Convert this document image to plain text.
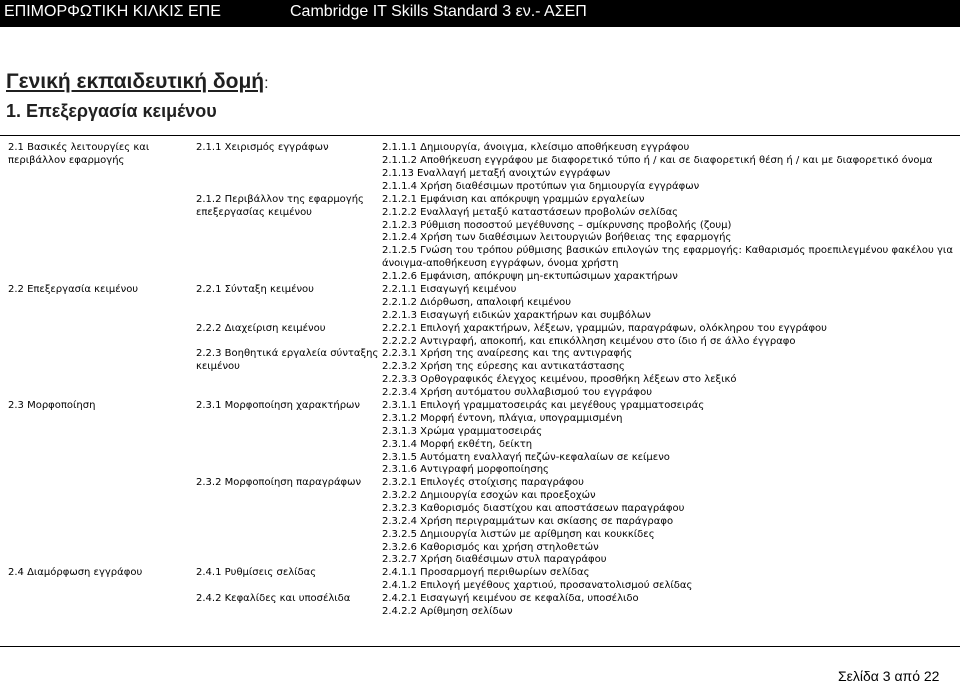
ΕΠΙΜΟΡΦΩΤΙΚΗ ΚΙΛΚΙΣ ΕΠΕ	Cambridge IT Skills Standard 3 εν.- ΑΣΕΠ
Γενική εκπαιδευτική δομή:
1. Επεξεργασία κειμένου
2.1 Βασικές λειτουργίες και
περιβάλλον εφαρμογής
2.2 Επεξεργασία κειμένου
2.3 Μορφοποίηση
2.4 Διαμόρφωση εγγράφου
2.1.1 Χειρισμός εγγράφων
2.1.2 Περιβάλλον της εφαρμογής
επεξεργασίας κειμένου
2.2.1 Σύνταξη κειμένου
2.2.2 Διαχείριση κειμένου
2.2.3 Βοηθητικά εργαλεία σύνταξης
κειμένου
2.3.1 Μορφοποίηση χαρακτήρων
2.3.2 Μορφοποίηση παραγράφων
2.4.1 Ρυθμίσεις σελίδας
2.4.2 Κεφαλίδες και υποσέλιδα
2.1.1.1 Δημιουργία, άνοιγμα, κλείσιμο αποθήκευση εγγράφου
2.1.1.2 Αποθήκευση εγγράφου με διαφορετικό τύπο ή / και σε διαφορετική θέση ή / και με διαφορετικό όνομα
2.1.13 Εναλλαγή μεταξή ανοιχτών εγγράφων
2.1.1.4 Χρήση διαθέσιμων προτύπων για δημιουργία εγγράφων
2.1.2.1 Εμφάνιση και απόκρυψη γραμμών εργαλείων
2.1.2.2 Εναλλαγή μεταξύ καταστάσεων προβολών σελίδας
2.1.2.3 Ρύθμιση ποσοστού μεγέθυνσης – σμίκρυνσης προβολής (ζουμ)
2.1.2.4 Χρήση των διαθέσιμων λειτουργιών βοήθειας της εφαρμογής
2.1.2.5 Γνώση του τρόπου ρύθμισης βασικών επιλογών της εφαρμογής: Καθαρισμός προεπιλεγμένου φακέλου για
άνοιγμα-αποθήκευση εγγράφων, όνομα χρήστη
2.1.2.6 Εμφάνιση, απόκρυψη μη-εκτυπώσιμων χαρακτήρων
2.2.1.1 Εισαγωγή κειμένου
2.2.1.2 Διόρθωση, απαλοιφή κειμένου
2.2.1.3 Εισαγωγή ειδικών χαρακτήρων και συμβόλων
2.2.2.1 Επιλογή χαρακτήρων, λέξεων, γραμμών, παραγράφων, ολόκληρου του εγγράφου
2.2.2.2 Αντιγραφή, αποκοπή, και επικόλληση κειμένου στο ίδιο ή σε άλλο έγγραφο
2.2.3.1 Χρήση της αναίρεσης και της αντιγραφής
2.2.3.2 Χρήση της εύρεσης και αντικατάστασης
2.2.3.3 Ορθογραφικός έλεγχος κειμένου, προσθήκη λέξεων στο λεξικό
2.2.3.4 Χρήση αυτόματου συλλαβισμού του εγγράφου
2.3.1.1 Επιλογή γραμματοσειράς και μεγέθους γραμματοσειράς
2.3.1.2 Μορφή έντονη, πλάγια, υπογραμμισμένη
2.3.1.3 Χρώμα γραμματοσειράς
2.3.1.4 Μορφή εκθέτη, δείκτη
2.3.1.5 Αυτόματη εναλλαγή πεζών-κεφαλαίων σε κείμενο
2.3.1.6 Αντιγραφή μορφοποίησης
2.3.2.1 Επιλογές στοίχισης παραγράφου
2.3.2.2 Δημιουργία εσοχών και προεξοχών
2.3.2.3 Καθορισμός διαστίχου και αποστάσεων παραγράφου
2.3.2.4 Χρήση περιγραμμάτων και σκίασης σε παράγραφο
2.3.2.5 Δημιουργία λιστών με αρίθμηση και κουκκίδες
2.3.2.6 Καθορισμός και χρήση στηλοθετών
2.3.2.7 Χρήση διαθέσιμων στυλ παραγράφου
2.4.1.1 Προσαρμογή περιθωρίων σελίδας
2.4.1.2 Επιλογή μεγέθους χαρτιού, προσανατολισμού σελίδας
2.4.2.1 Εισαγωγή κειμένου σε κεφαλίδα, υποσέλιδο
2.4.2.2 Αρίθμηση σελίδων
Σελίδα 3 από 22
